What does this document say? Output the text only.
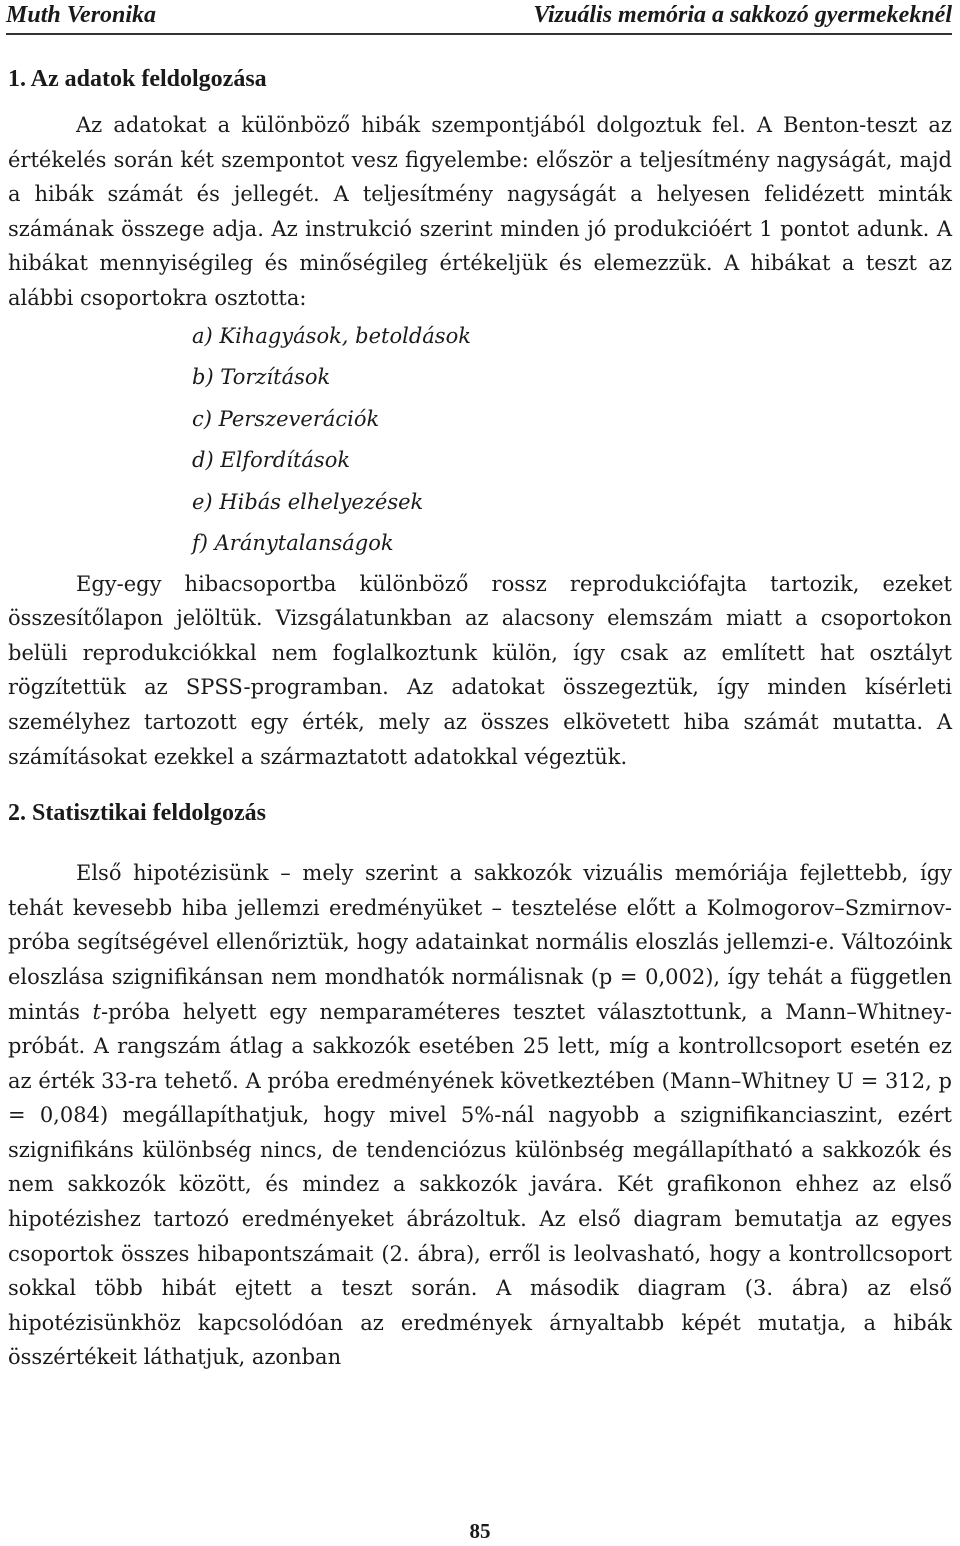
Muth Veronika	Vizuális memória a sakkozó gyermekeknél
1. Az adatok feldolgozása

Az adatokat a különböző hibák szempontjából dolgoztuk fel. A Benton-teszt az értékelés során két szempontot vesz figyelembe: először a teljesítmény nagyságát, majd a hibák számát és jellegét. A teljesítmény nagyságát a helyesen felidézett minták számának összege adja. Az instrukció szerint minden jó produkcióért 1 pontot adunk. A hibákat mennyiségileg és minőségileg értékeljük és elemezzük. A hibákat a teszt az alábbi csoportokra osztotta:

a) Kihagyások, betoldások
b) Torzítások
c) Perszeverációk
d) Elfordítások
e) Hibás elhelyezések
f) Aránytalanságok

Egy-egy hibacsoportba különböző rossz reprodukciófajta tartozik, ezeket összesítőlapon jelöltük. Vizsgálatunkban az alacsony elemszám miatt a csoportokon belüli reprodukciókkal nem foglalkoztunk külön, így csak az említett hat osztályt rögzítettük az SPSS-programban. Az adatokat összegeztük, így minden kísérleti személyhez tartozott egy érték, mely az összes elkövetett hiba számát mutatta. A számításokat ezekkel a származtatott adatokkal végeztük.

2. Statisztikai feldolgozás

Első hipotézisünk – mely szerint a sakkozók vizuális memóriája fejlettebb, így tehát kevesebb hiba jellemzi eredményüket – tesztelése előtt a Kolmogorov–Szmirnov-próba segítségével ellenőriztük, hogy adatainkat normális eloszlás jellemzi-e. Változóink eloszlása szignifikánsan nem mondhatók normálisnak (p = 0,002), így tehát a független mintás t-próba helyett egy nemparaméteres tesztet választottunk, a Mann–Whitney-próbát. A rangszám átlag a sakkozók esetében 25 lett, míg a kontrollcsoport esetén ez az érték 33-ra tehető. A próba eredményének következtében (Mann–Whitney U = 312, p = 0,084) megállapíthatjuk, hogy mivel 5%-nál nagyobb a szignifikanciaszint, ezért szignifikáns különbség nincs, de tendenciózus különbség megállapítható a sakkozók és nem sakkozók között, és mindez a sakkozók javára. Két grafikonon ehhez az első hipotézishez tartozó eredményeket ábrázoltuk. Az első diagram bemutatja az egyes csoportok összes hibapontszámait (2. ábra), erről is leolvasható, hogy a kontrollcsoport sokkal több hibát ejtett a teszt során. A második diagram (3. ábra) az első hipotézisünkhöz kapcsolódóan az eredmények árnyaltabb képét mutatja, a hibák összértékeit láthatjuk, azonban

85
